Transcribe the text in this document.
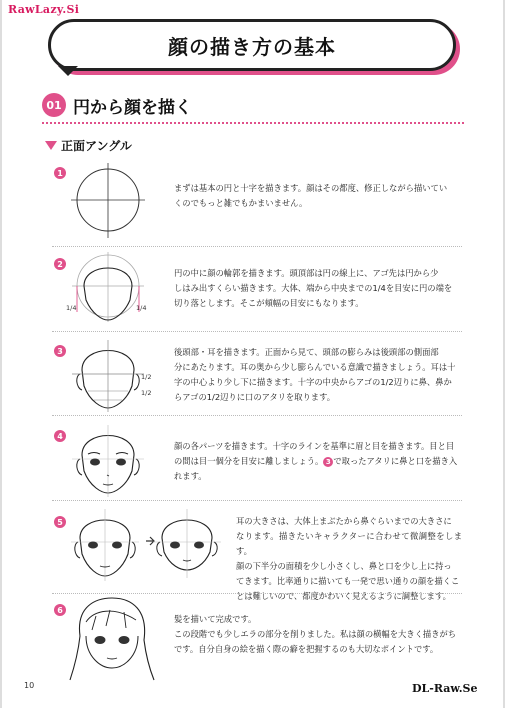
RawLazy.Si
顔の描き方の基本
01 円から顔を描く
正面アングル
1
まずは基本の円と十字を描きます。顔はその都度、修正しながら描いてい
くのでもっと雑でもかまいません。
2
1/4	1/4
円の中に顔の輪郭を描きます。頭頂部は円の線上に、アゴ先は円から少
しはみ出すくらい描きます。大体、端から中央までの1/4を目安に円の端を
切り落とします。そこが頬幅の目安にもなります。
3
1/2
1/2
後頭部・耳を描きます。正面から見て、頭部の膨らみは後頭部の側面部
分にあたります。耳の奥から少し膨らんでいる意識で描きましょう。耳は十
字の中心より少し下に描きます。十字の中央からアゴの1/2辺りに鼻、鼻か
らアゴの1/2辺りに口のアタリを取ります。
4
顔の各パーツを描きます。十字のラインを基準に眉と目を描きます。目と目
の間は目一個分を目安に離しましょう。 3 で取ったアタリに鼻と口を描き入
れます。
5	耳の大きさは、大体上まぶたから鼻ぐらいまでの大きさに
なります。描きたいキャラクターに合わせて微調整をします。
顔の下半分の面積を少し小さくし、鼻と口を少し上に持っ
てきます。比率通りに描いても一発で思い通りの顔を描くこ
とは難しいので、都度かわいく見えるように調整します。
6
髪を描いて完成です。
この段階でも少しエラの部分を削りました。私は顔の横幅を大きく描きがち
です。自分自身の絵を描く際の癖を把握するのも大切なポイントです。
10	DL-Raw.Se
